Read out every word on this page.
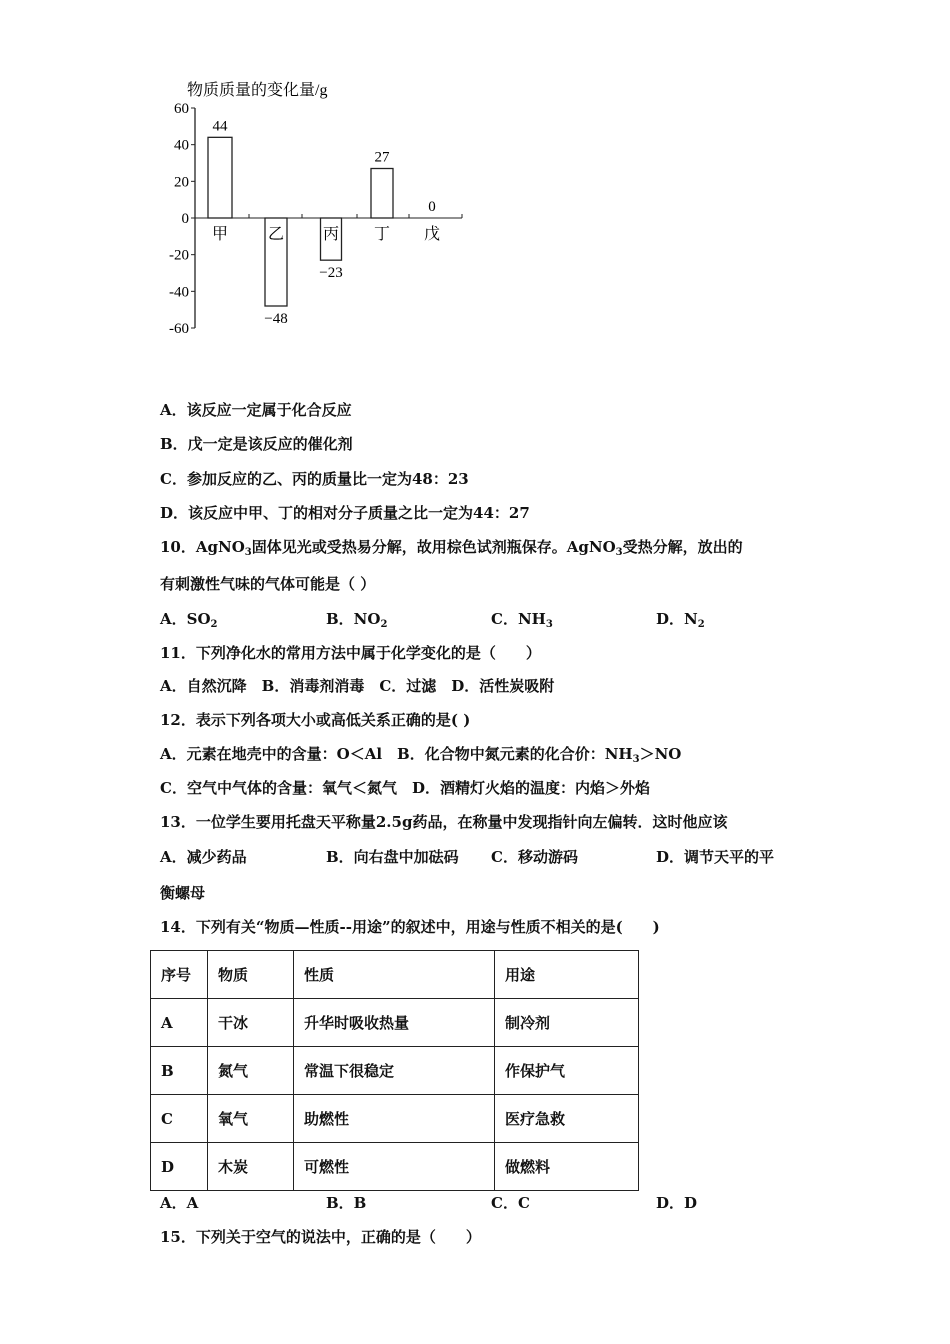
物质质量的变化量/g
60
40
20
0
-20
-40
-60
44
甲
−48
乙
−23
丙
27
丁
0
戊
A．该反应一定属于化合反应
B．戊一定是该反应的催化剂
C．参加反应的乙、丙的质量比一定为48：23
D．该反应中甲、丁的相对分子质量之比一定为44：27
10．AgNO$_3$固体见光或受热易分解，故用棕色试剂瓶保存。AgNO$_3$受热分解，放出的
有刺激性气味的气体可能是（ ）
A．$SO_2$	B．$NO_2$	C．$NH_3$	D．$N_2$
11．下列净化水的常用方法中属于化学变化的是（　　）
A．自然沉降　B．消毒剂消毒　C．过滤　D．活性炭吸附
12．表示下列各项大小或高低关系正确的是( )
A．元素在地壳中的含量：O＜Al　B．化合物中氮元素的化合价：$NH_3>NO$
C．空气中气体的含量：氧气＜氮气　D．酒精灯火焰的温度：内焰＞外焰
13．一位学生要用托盘天平称量2.5g药品，在称量中发现指针向左偏转．这时他应该
A．减少药品	B．向右盘中加砝码 C．移动游码	D．调节天平的平
衡螺母
14．下列有关“物质—性质--用途”的叙述中，用途与性质不相关的是(　　)
序号	物质	性质	用途
A	干冰	升华时吸收热量	制冷剂
B	氮气	常温下很稳定	作保护气
C	氧气	助燃性	医疗急救
D	木炭	可燃性	做燃料
A．A	B．B	C．C	D．D
15．下列关于空气的说法中，正确的是（　　）
